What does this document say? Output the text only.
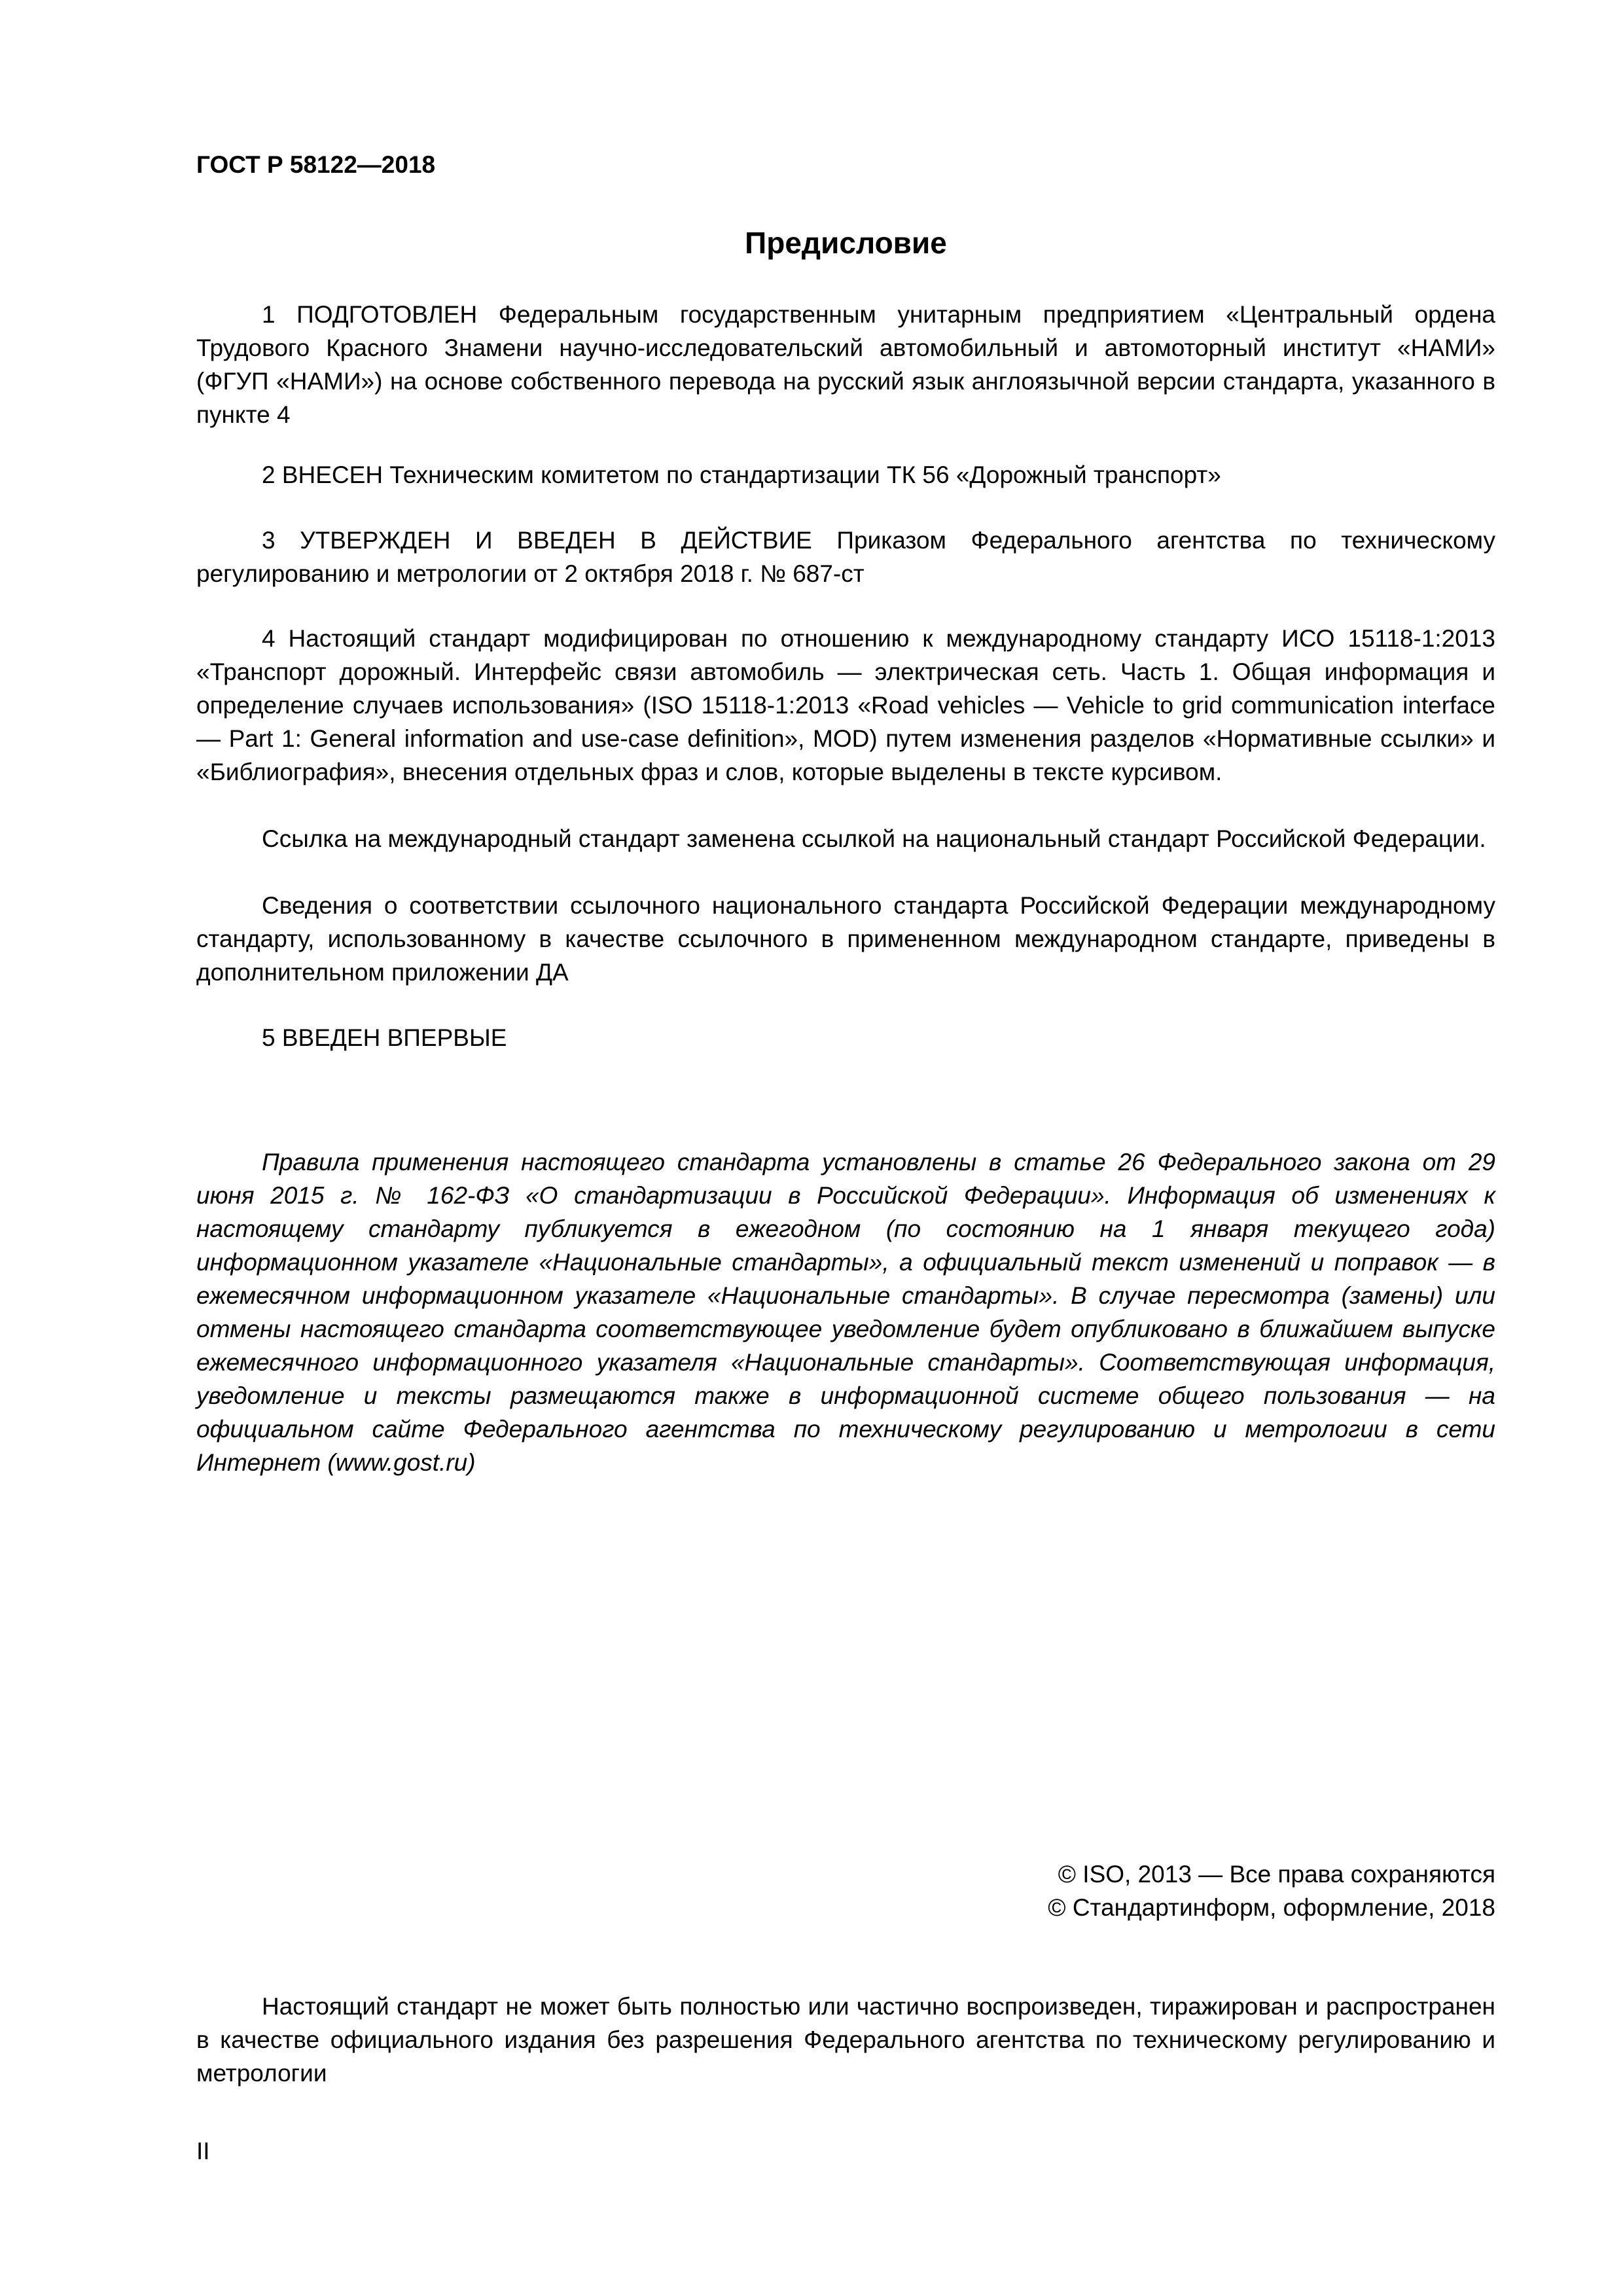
ГОСТ Р 58122—2018

Предисловие

1 ПОДГОТОВЛЕН Федеральным государственным унитарным предприятием «Центральный ордена Трудового Красного Знамени научно-исследовательский автомобильный и автомоторный институт «НАМИ» (ФГУП «НАМИ») на основе собственного перевода на русский язык англоязычной версии стандарта, указанного в пункте 4

2 ВНЕСЕН Техническим комитетом по стандартизации ТК 56 «Дорожный транспорт»

3 УТВЕРЖДЕН И ВВЕДЕН В ДЕЙСТВИЕ Приказом Федерального агентства по техническому регулированию и метрологии от 2 октября 2018 г. № 687-ст

4 Настоящий стандарт модифицирован по отношению к международному стандарту ИСО 15118-1:2013 «Транспорт дорожный. Интерфейс связи автомобиль — электрическая сеть. Часть 1. Общая информация и определение случаев использования» (ISO 15118-1:2013 «Road vehicles — Vehicle to grid communication interface — Part 1: General information and use-case definition», MOD) путем изменения разделов «Нормативные ссылки» и «Библиография», внесения отдельных фраз и слов, которые выделены в тексте курсивом.

Ссылка на международный стандарт заменена ссылкой на национальный стандарт Российской Федерации.

Сведения о соответствии ссылочного национального стандарта Российской Федерации международному стандарту, использованному в качестве ссылочного в примененном международном стандарте, приведены в дополнительном приложении ДА

5 ВВЕДЕН ВПЕРВЫЕ

Правила применения настоящего стандарта установлены в статье 26 Федерального закона от 29 июня 2015 г. № 162-ФЗ «О стандартизации в Российской Федерации». Информация об изменениях к настоящему стандарту публикуется в ежегодном (по состоянию на 1 января текущего года) информационном указателе «Национальные стандарты», а официальный текст изменений и поправок — в ежемесячном информационном указателе «Национальные стандарты». В случае пересмотра (замены) или отмены настоящего стандарта соответствующее уведомление будет опубликовано в ближайшем выпуске ежемесячного информационного указателя «Национальные стандарты». Соответствующая информация, уведомление и тексты размещаются также в информационной системе общего пользования — на официальном сайте Федерального агентства по техническому регулированию и метрологии в сети Интернет (www.gost.ru)

© ISO, 2013 — Все права сохраняются

© Стандартинформ, оформление, 2018

Настоящий стандарт не может быть полностью или частично воспроизведен, тиражирован и распространен в качестве официального издания без разрешения Федерального агентства по техническому регулированию и метрологии

II
